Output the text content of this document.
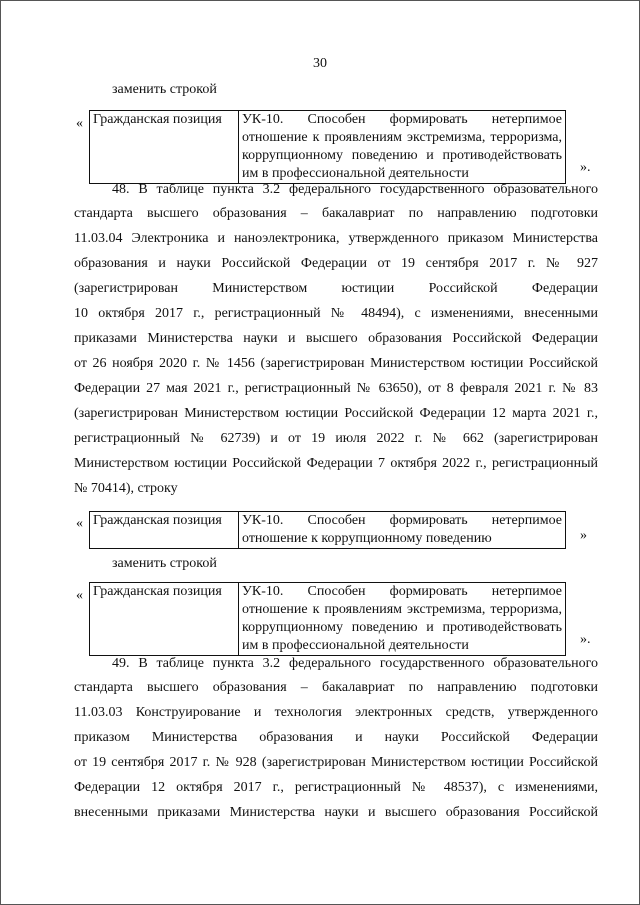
30
заменить строкой
« Гражданская позиция	УК-10. Способен формировать нетерпимое
отношение к проявлениям экстремизма, терроризма,
коррупционному поведению и противодействовать
им в профессиональной деятельности	».
48. В таблице пункта 3.2 федерального государственного образовательного
стандарта высшего образования – бакалавриат по направлению подготовки
11.03.04 Электроника и наноэлектроника, утвержденного приказом Министерства
образования и науки Российской Федерации от 19 сентября 2017 г. № 927
(зарегистрирован Министерством юстиции Российской Федерации
10 октября 2017 г., регистрационный № 48494), с изменениями, внесенными
приказами Министерства науки и высшего образования Российской Федерации
от 26 ноября 2020 г. № 1456 (зарегистрирован Министерством юстиции Российской
Федерации 27 мая 2021 г., регистрационный № 63650), от 8 февраля 2021 г. № 83
(зарегистрирован Министерством юстиции Российской Федерации 12 марта 2021 г.,
регистрационный № 62739) и от 19 июля 2022 г. № 662 (зарегистрирован
Министерством юстиции Российской Федерации 7 октября 2022 г., регистрационный
№ 70414), строку
« Гражданская позиция	УК-10. Способен формировать нетерпимое
отношение к коррупционному поведению	»
заменить строкой
« Гражданская позиция	УК-10. Способен формировать нетерпимое
отношение к проявлениям экстремизма, терроризма,
коррупционному поведению и противодействовать
им в профессиональной деятельности	».
49. В таблице пункта 3.2 федерального государственного образовательного
стандарта высшего образования – бакалавриат по направлению подготовки
11.03.03 Конструирование и технология электронных средств, утвержденного
приказом Министерства образования и науки Российской Федерации
от 19 сентября 2017 г. № 928 (зарегистрирован Министерством юстиции Российской
Федерации 12 октября 2017 г., регистрационный № 48537), с изменениями,
внесенными приказами Министерства науки и высшего образования Российской
